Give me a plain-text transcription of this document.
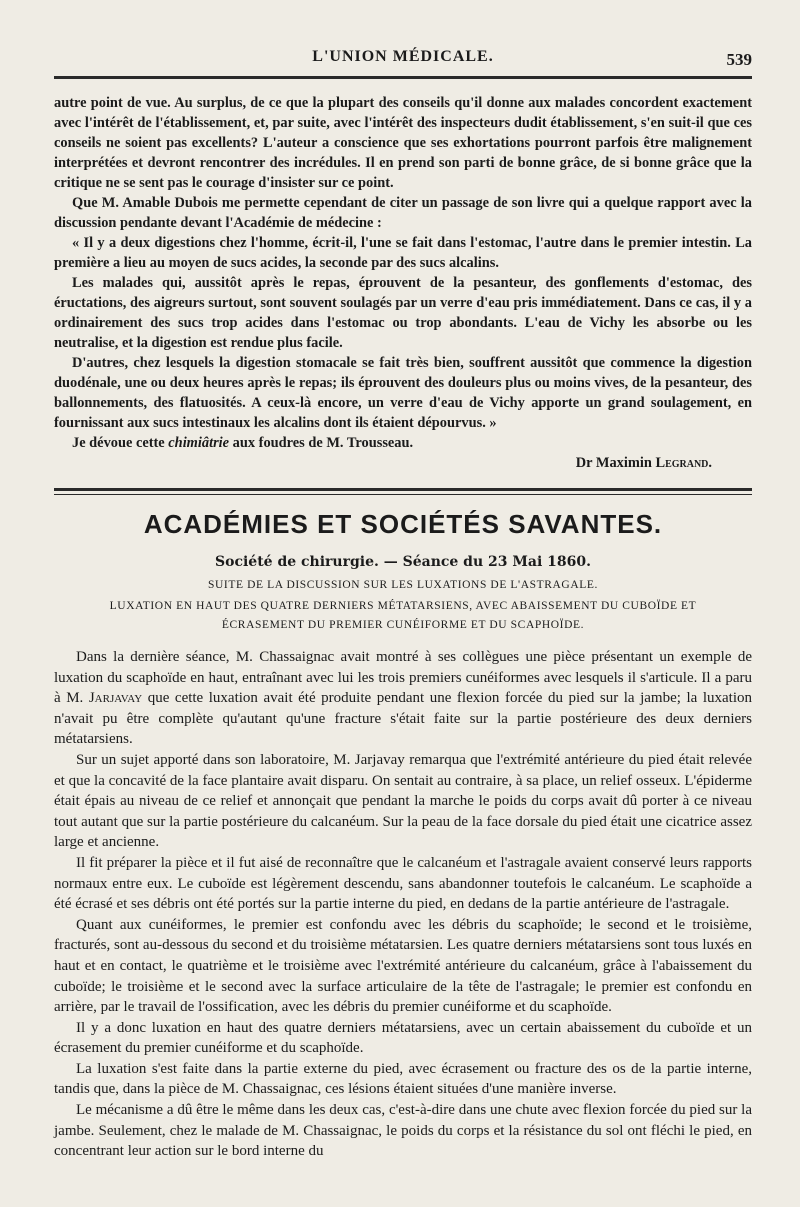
L'UNION MÉDICALE.	539

autre point de vue. Au surplus, de ce que la plupart des conseils qu'il donne aux malades concordent exactement avec l'intérêt de l'établissement, et, par suite, avec l'intérêt des inspecteurs dudit établissement, s'en suit-il que ces conseils ne soient pas excellents? L'auteur a conscience que ses exhortations pourront parfois être malignement interprétées et devront rencontrer des incrédules. Il en prend son parti de bonne grâce, de si bonne grâce que la critique ne se sent pas le courage d'insister sur ce point.

Que M. Amable Dubois me permette cependant de citer un passage de son livre qui a quelque rapport avec la discussion pendante devant l'Académie de médecine :

« Il y a deux digestions chez l'homme, écrit-il, l'une se fait dans l'estomac, l'autre dans le premier intestin. La première a lieu au moyen de sucs acides, la seconde par des sucs alcalins.

Les malades qui, aussitôt après le repas, éprouvent de la pesanteur, des gonflements d'estomac, des éructations, des aigreurs surtout, sont souvent soulagés par un verre d'eau pris immédiatement. Dans ce cas, il y a ordinairement des sucs trop acides dans l'estomac ou trop abondants. L'eau de Vichy les absorbe ou les neutralise, et la digestion est rendue plus facile.

D'autres, chez lesquels la digestion stomacale se fait très bien, souffrent aussitôt que commence la digestion duodénale, une ou deux heures après le repas; ils éprouvent des douleurs plus ou moins vives, de la pesanteur, des ballonnements, des flatuosités. A ceux-là encore, un verre d'eau de Vichy apporte un grand soulagement, en fournissant aux sucs intestinaux les alcalins dont ils étaient dépourvus. »

Je dévoue cette chimiâtrie aux foudres de M. Trousseau.

Dr Maximin Legrand.
ACADÉMIES ET SOCIÉTÉS SAVANTES.
Société de chirurgie. — Séance du 23 Mai 1860.
SUITE DE LA DISCUSSION SUR LES LUXATIONS DE L'ASTRAGALE.
LUXATION EN HAUT DES QUATRE DERNIERS MÉTATARSIENS, AVEC ABAISSEMENT DU CUBOÏDE ET
ÉCRASEMENT DU PREMIER CUNÉIFORME ET DU SCAPHOÏDE.

Dans la dernière séance, M. Chassaignac avait montré à ses collègues une pièce présentant un exemple de luxation du scaphoïde en haut, entraînant avec lui les trois premiers cunéiformes avec lesquels il s'articule. Il a paru à M. Jarjavay que cette luxation avait été produite pendant une flexion forcée du pied sur la jambe; la luxation n'avait pu être complète qu'autant qu'une fracture s'était faite sur la partie postérieure des deux derniers métatarsiens.

Sur un sujet apporté dans son laboratoire, M. Jarjavay remarqua que l'extrémité antérieure du pied était relevée et que la concavité de la face plantaire avait disparu. On sentait au contraire, à sa place, un relief osseux. L'épiderme était épais au niveau de ce relief et annonçait que pendant la marche le poids du corps avait dû porter à ce niveau tout autant que sur la partie postérieure du calcanéum. Sur la peau de la face dorsale du pied était une cicatrice assez large et ancienne.

Il fit préparer la pièce et il fut aisé de reconnaître que le calcanéum et l'astragale avaient conservé leurs rapports normaux entre eux. Le cuboïde est légèrement descendu, sans abandonner toutefois le calcanéum. Le scaphoïde a été écrasé et ses débris ont été portés sur la partie interne du pied, en dedans de la partie antérieure de l'astragale.

Quant aux cunéiformes, le premier est confondu avec les débris du scaphoïde; le second et le troisième, fracturés, sont au-dessous du second et du troisième métatarsien. Les quatre derniers métatarsiens sont tous luxés en haut et en contact, le quatrième et le troisième avec l'extrémité antérieure du calcanéum, grâce à l'abaissement du cuboïde; le troisième et le second avec la surface articulaire de la tête de l'astragale; le premier est confondu en arrière, par le travail de l'ossification, avec les débris du premier cunéiforme et du scaphoïde.

Il y a donc luxation en haut des quatre derniers métatarsiens, avec un certain abaissement du cuboïde et un écrasement du premier cunéiforme et du scaphoïde.

La luxation s'est faite dans la partie externe du pied, avec écrasement ou fracture des os de la partie interne, tandis que, dans la pièce de M. Chassaignac, ces lésions étaient situées d'une manière inverse.

Le mécanisme a dû être le même dans les deux cas, c'est-à-dire dans une chute avec flexion forcée du pied sur la jambe. Seulement, chez le malade de M. Chassaignac, le poids du corps et la résistance du sol ont fléchi le pied, en concentrant leur action sur le bord interne du
